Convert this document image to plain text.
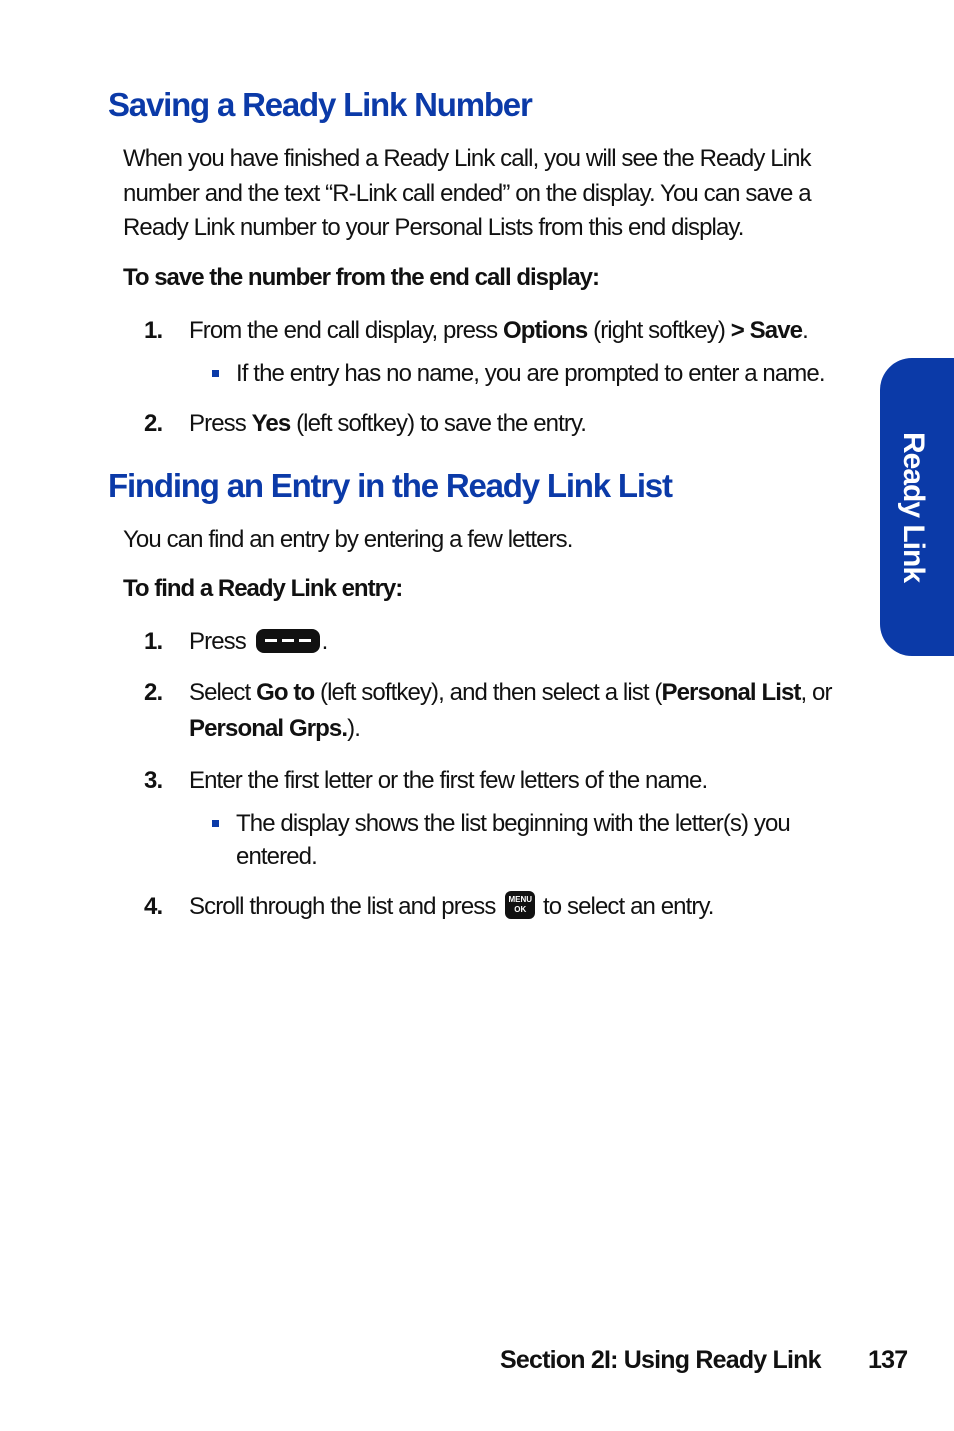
Saving a Ready Link Number

When you have finished a Ready Link call, you will see the Ready Link number and the text “R-Link call ended” on the display. You can save a Ready Link number to your Personal Lists from this end display.

To save the number from the end call display:

1. From the end call display, press Options (right softkey) > Save.
If the entry has no name, you are prompted to enter a name.
2. Press Yes (left softkey) to save the entry.
Finding an Entry in the Ready Link List

You can find an entry by entering a few letters.

To find a Ready Link entry:

1. Press	.
2. Select Go to (left softkey), and then select a list (Personal List, or
Personal Grps.).
3. Enter the first letter or the first few letters of the name.
The display shows the list beginning with the letter(s) you entered.
4. Scroll through the list and press MENU
OK to select an entry.
Ready Link

Section 2I: Using Ready Link 137
